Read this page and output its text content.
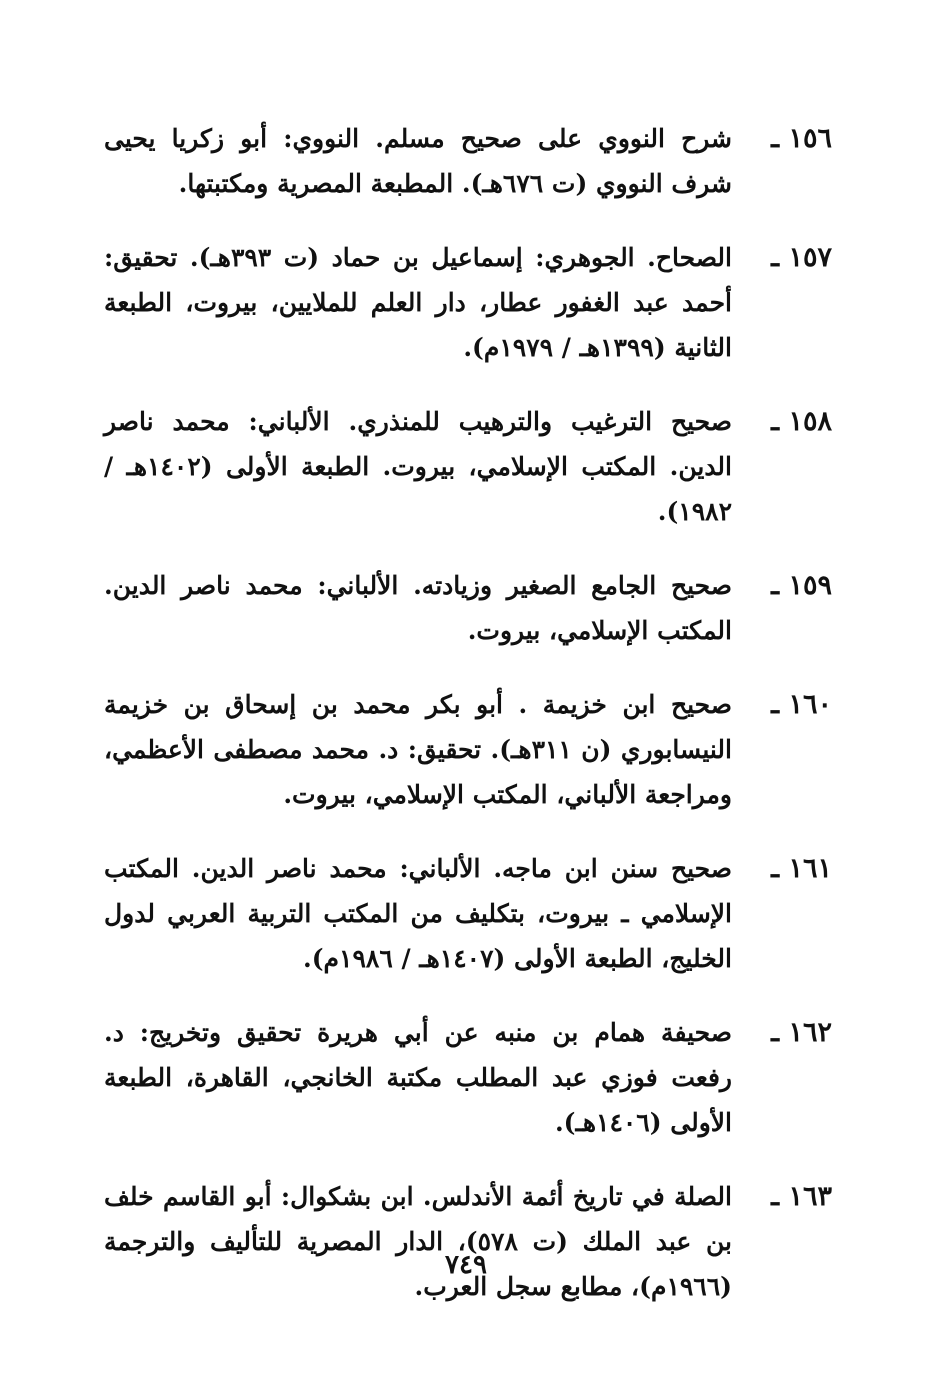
١٥٦ ـ
شرح النووي على صحيح مسلم. النووي: أبو زكريا يحيى شرف النووي (ت ٦٧٦هـ). المطبعة المصرية ومكتبتها.
١٥٧ ـ
الصحاح. الجوهري: إسماعيل بن حماد (ت ٣٩٣هـ). تحقيق: أحمد عبد الغفور عطار، دار العلم للملايين، بيروت، الطبعة الثانية (١٣٩٩هـ / ١٩٧٩م).
١٥٨ ـ
صحيح الترغيب والترهيب للمنذري. الألباني: محمد ناصر الدين. المكتب الإسلامي، بيروت. الطبعة الأولى (١٤٠٢هـ / ١٩٨٢).
١٥٩ ـ
صحيح الجامع الصغير وزيادته. الألباني: محمد ناصر الدين. المكتب الإسلامي، بيروت.
١٦٠ ـ
صحيح ابن خزيمة . أبو بكر محمد بن إسحاق بن خزيمة النيسابوري (ن ٣١١هـ). تحقيق: د. محمد مصطفى الأعظمي، ومراجعة الألباني، المكتب الإسلامي، بيروت.
١٦١ ـ
صحيح سنن ابن ماجه. الألباني: محمد ناصر الدين. المكتب الإسلامي ـ بيروت، بتكليف من المكتب التربية العربي لدول الخليج، الطبعة الأولى (١٤٠٧هـ / ١٩٨٦م).
١٦٢ ـ
صحيفة همام بن منبه عن أبي هريرة تحقيق وتخريج: د. رفعت فوزي عبد المطلب مكتبة الخانجي، القاهرة، الطبعة الأولى (١٤٠٦هـ).
١٦٣ ـ
الصلة في تاريخ أئمة الأندلس. ابن بشكوال: أبو القاسم خلف بن عبد الملك (ت ٥٧٨)، الدار المصرية للتأليف والترجمة (١٩٦٦م)، مطابع سجل العرب.
٧٤٩
